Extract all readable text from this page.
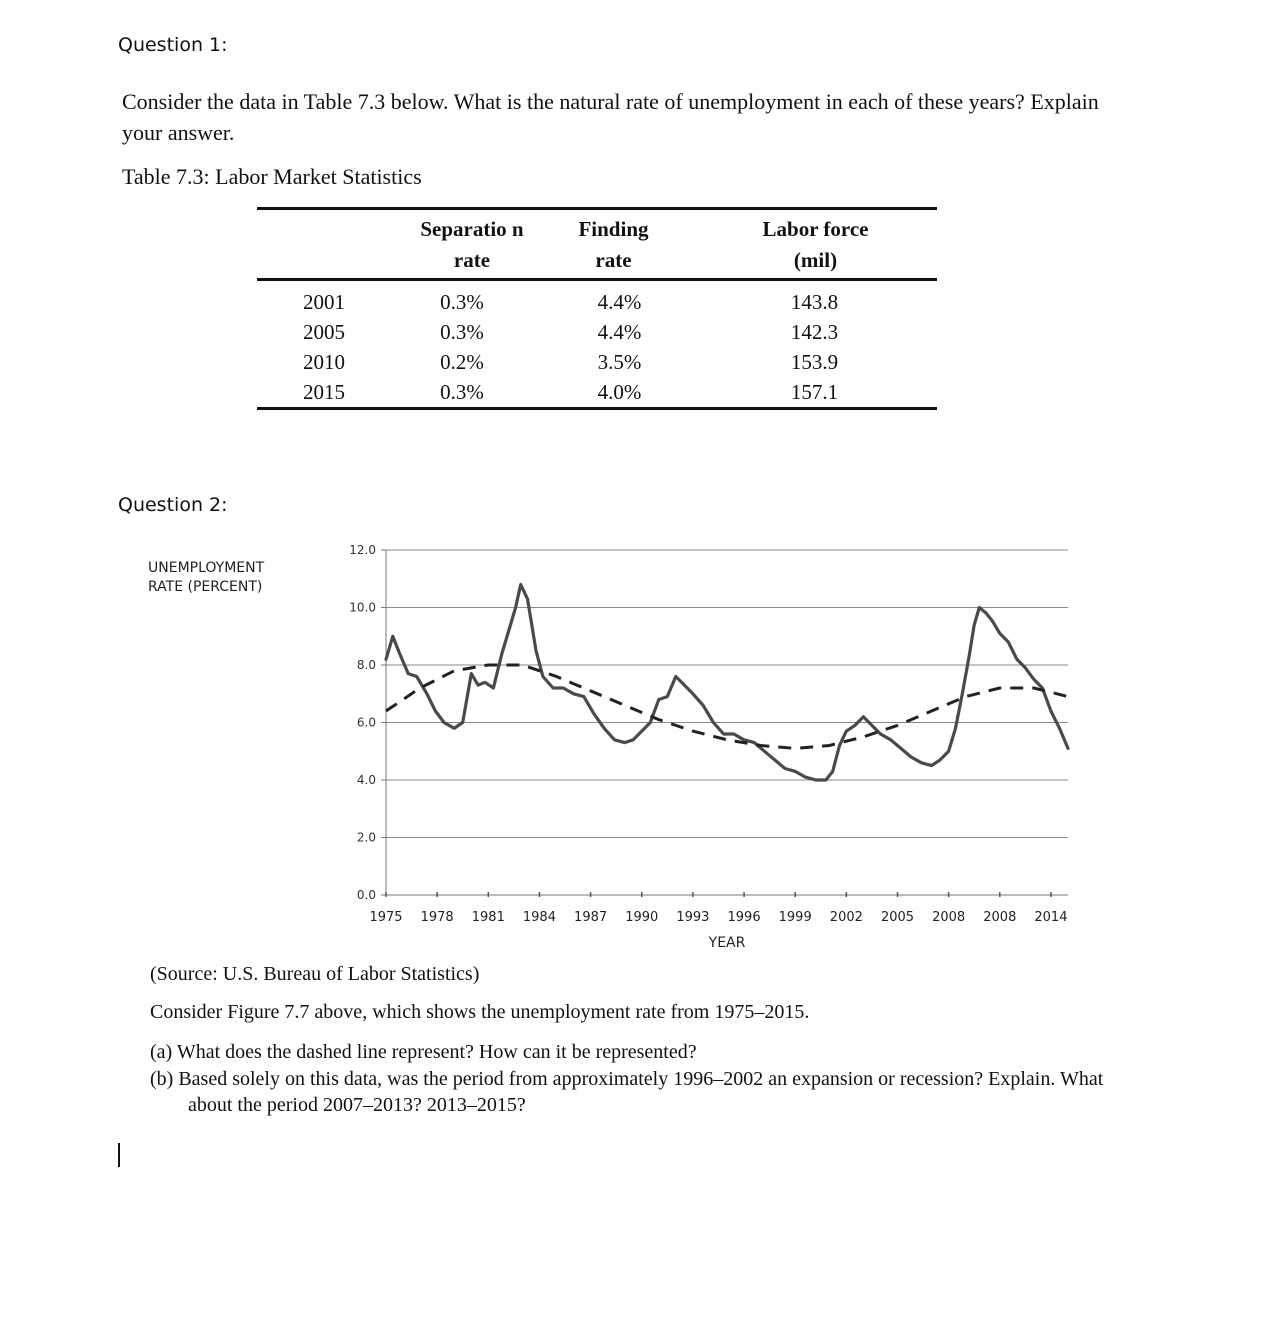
Question 1:
Consider the data in Table 7.3 below. What is the natural rate of unemployment in each of these years? Explain your answer.
Table 7.3: Labor Market Statistics
	Separatio n rate	Finding rate	Labor force (mil)
2001	0.3%	4.4%	143.8
2005	0.3%	4.4%	142.3
2010	0.2%	3.5%	153.9
2015	0.3%	4.0%	157.1
Question 2:
12.0
10.0
8.0
6.0
4.0
2.0
0.0
1975 1978 1981 1984 1987 1990 1993 1996 1999 2002 2005 2008 2008 2014
YEAR
UNEMPLOYMENT
RATE (PERCENT)
(Source: U.S. Bureau of Labor Statistics)
Consider Figure 7.7 above, which shows the unemployment rate from 1975–2015.
(a) What does the dashed line represent? How can it be represented?
(b) Based solely on this data, was the period from approximately 1996–2002 an expansion or recession? Explain. What about the period 2007–2013? 2013–2015?
